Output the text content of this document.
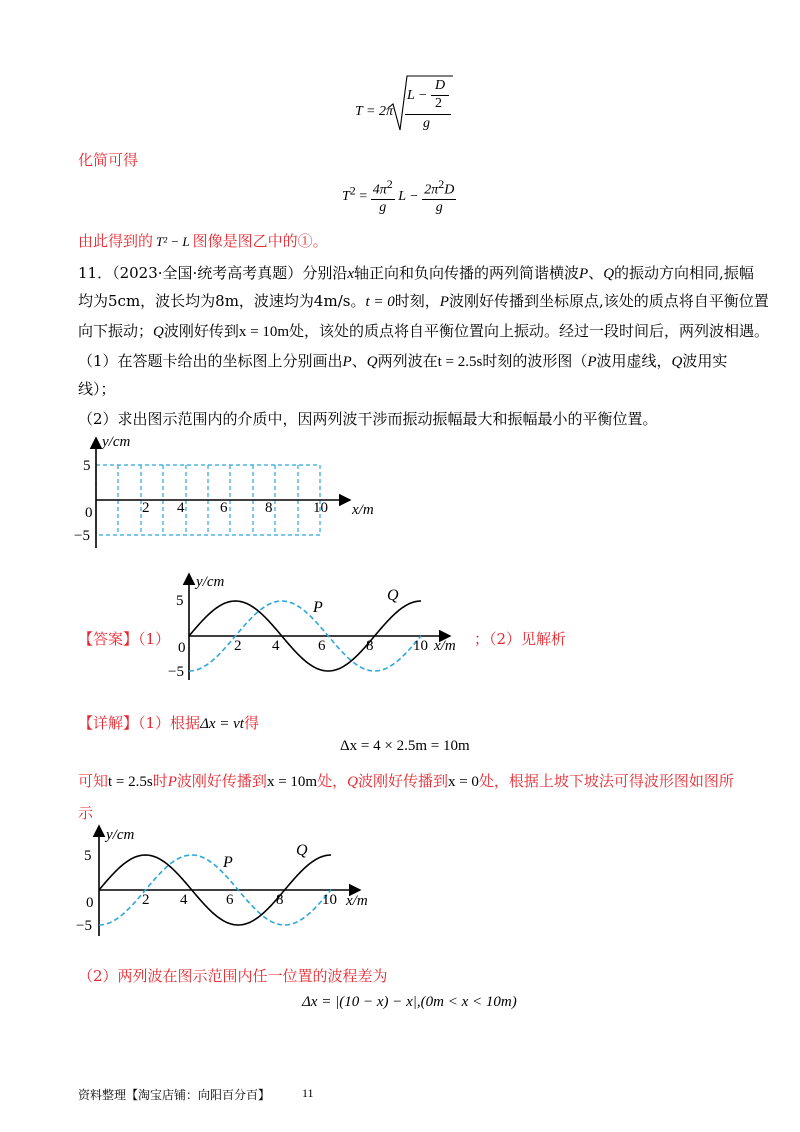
T = 2π
L −
D
2
g
化简可得
$T^2 = \frac{4\pi^2}{g}$ $L - \frac{2\pi^2D}{g}$
由此得到的 T² − L 图像是图乙中的①。
11．（2023·全国·统考高考真题）分别沿x轴正向和负向传播的两列简谐横波P、Q的振动方向相同,振幅
均为5cm，波长均为8m，波速均为4m/s。t = 0时刻，P波刚好传播到坐标原点,该处的质点将自平衡位置
向下振动；Q波刚好传到x = 10m处，该处的质点将自平衡位置向上振动。经过一段时间后，两列波相遇。
（1）在答题卡给出的坐标图上分别画出P、Q两列波在t = 2.5s时刻的波形图（P波用虚线，Q波用实
线）；
（2）求出图示范围内的介质中，因两列波干涉而振动振幅最大和振幅最小的平衡位置。
y/cm
x/m
5
−5
0	2 4 6	8	10
【答案】（1）	；（2）见解析
y/cm
x/m
5
−5
0	2 4	6	8	10
P
Q
【详解】（1）根据Δx = vt得
Δx = 4 × 2.5m = 10m
可知t = 2.5s时P波刚好传播到x = 10m处，Q波刚好传播到x = 0处，根据上坡下坡法可得波形图如图所
示
y/cm
x/m
5
−5
0	2 4	6	8	10
P
Q
（2）两列波在图示范围内任一位置的波程差为
Δx = |(10 − x) − x|,(0m < x < 10m)
资料整理【淘宝店铺：向阳百分百】	11
